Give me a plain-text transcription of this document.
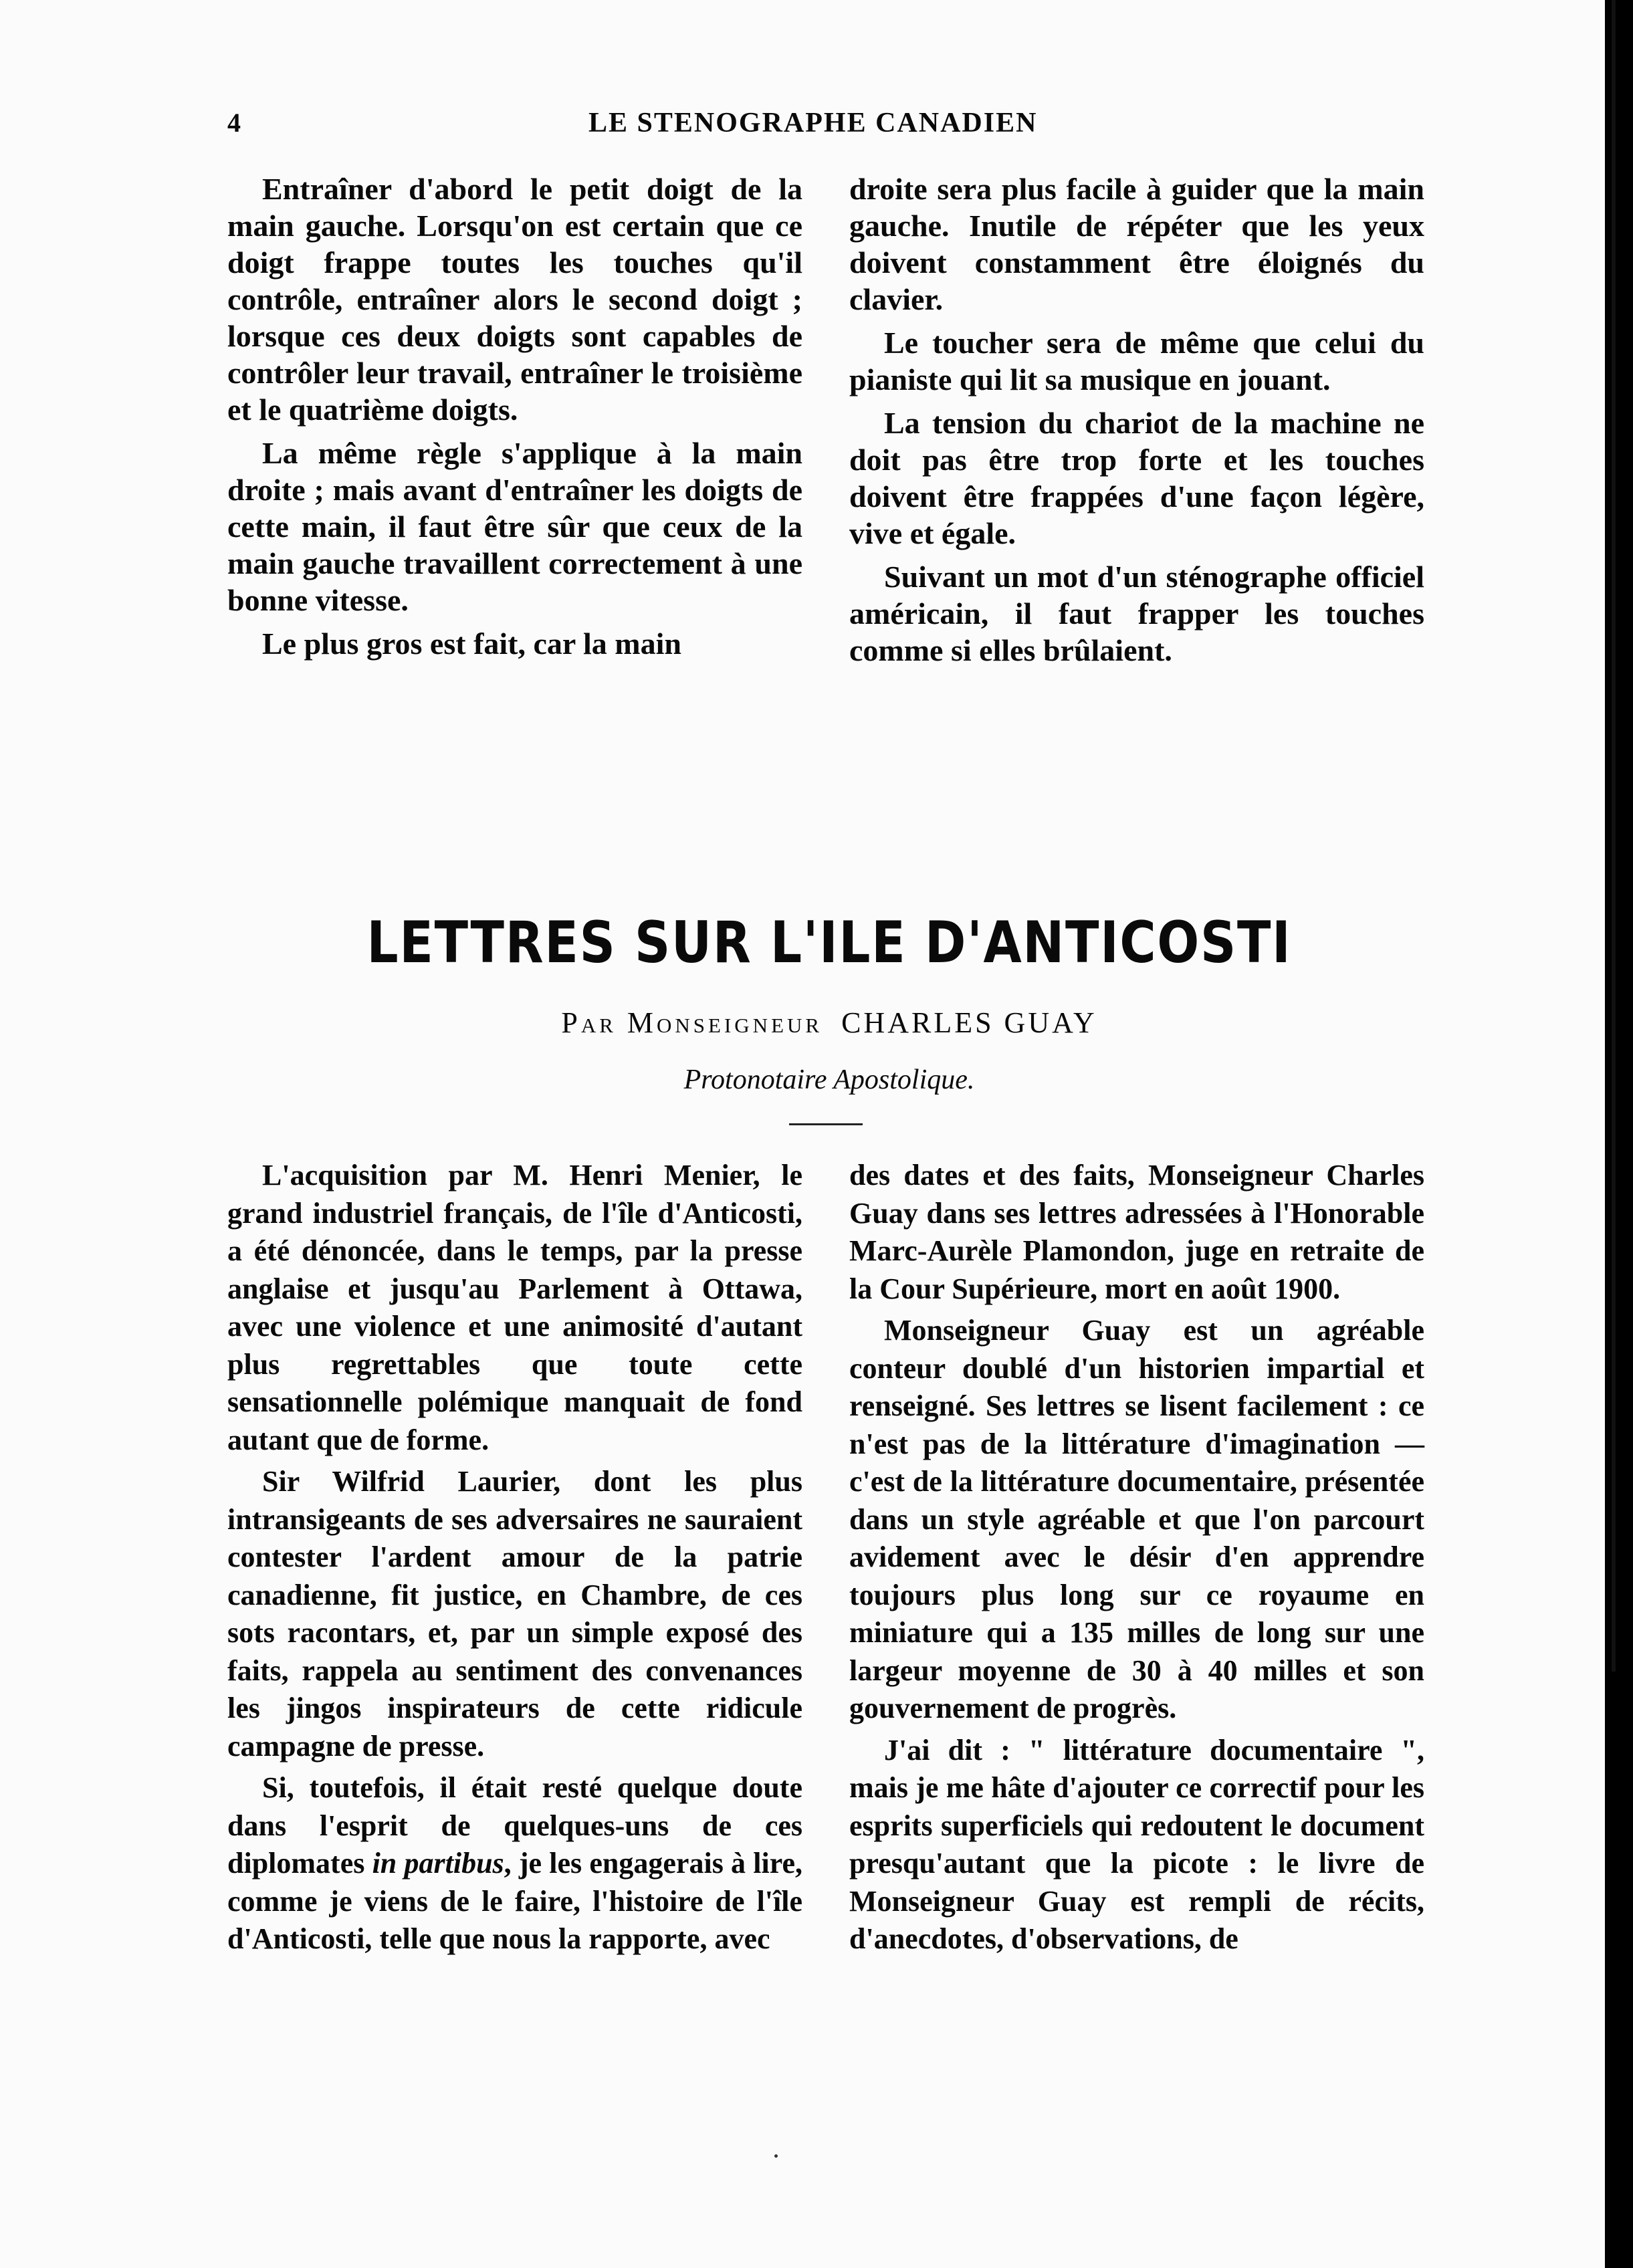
4	LE STENOGRAPHE CANADIEN

Entraîner d'abord le petit doigt de la main gauche. Lorsqu'on est certain que ce doigt frappe toutes les touches qu'il contrôle, entraîner alors le second doigt ; lorsque ces deux doigts sont capables de contrôler leur travail, entraîner le troisième et le quatrième doigts.

La même règle s'applique à la main droite ; mais avant d'entraîner les doigts de cette main, il faut être sûr que ceux de la main gauche travaillent correctement à une bonne vitesse.

Le plus gros est fait, car la main

droite sera plus facile à guider que la main gauche. Inutile de répéter que les yeux doivent constamment être éloignés du clavier.

Le toucher sera de même que celui du pianiste qui lit sa musique en jouant.

La tension du chariot de la machine ne doit pas être trop forte et les touches doivent être frappées d'une façon légère, vive et égale.

Suivant un mot d'un sténographe officiel américain, il faut frapper les touches comme si elles brûlaient.

LETTRES SUR L'ILE D'ANTICOSTI
Par Monseigneur CHARLES GUAY
Protonotaire Apostolique.

L'acquisition par M. Henri Menier, le grand industriel français, de l'île d'Anticosti, a été dénoncée, dans le temps, par la presse anglaise et jusqu'au Parlement à Ottawa, avec une violence et une animosité d'autant plus regrettables que toute cette sensationnelle polémique manquait de fond autant que de forme.

Sir Wilfrid Laurier, dont les plus intransigeants de ses adversaires ne sauraient contester l'ardent amour de la patrie canadienne, fit justice, en Chambre, de ces sots racontars, et, par un simple exposé des faits, rappela au sentiment des convenances les jingos inspirateurs de cette ridicule campagne de presse.

Si, toutefois, il était resté quelque doute dans l'esprit de quelques-uns de ces diplomates in partibus, je les engagerais à lire, comme je viens de le faire, l'histoire de l'île d'Anticosti, telle que nous la rapporte, avec

des dates et des faits, Monseigneur Charles Guay dans ses lettres adressées à l'Honorable Marc-Aurèle Plamondon, juge en retraite de la Cour Supérieure, mort en août 1900.

Monseigneur Guay est un agréable conteur doublé d'un historien impartial et renseigné. Ses lettres se lisent facilement : ce n'est pas de la littérature d'imagination — c'est de la littérature documentaire, présentée dans un style agréable et que l'on parcourt avidement avec le désir d'en apprendre toujours plus long sur ce royaume en miniature qui a 135 milles de long sur une largeur moyenne de 30 à 40 milles et son gouvernement de progrès.

J'ai dit : " littérature documentaire ", mais je me hâte d'ajouter ce correctif pour les esprits superficiels qui redoutent le document presqu'autant que la picote : le livre de Monseigneur Guay est rempli de récits, d'anecdotes, d'observations, de
